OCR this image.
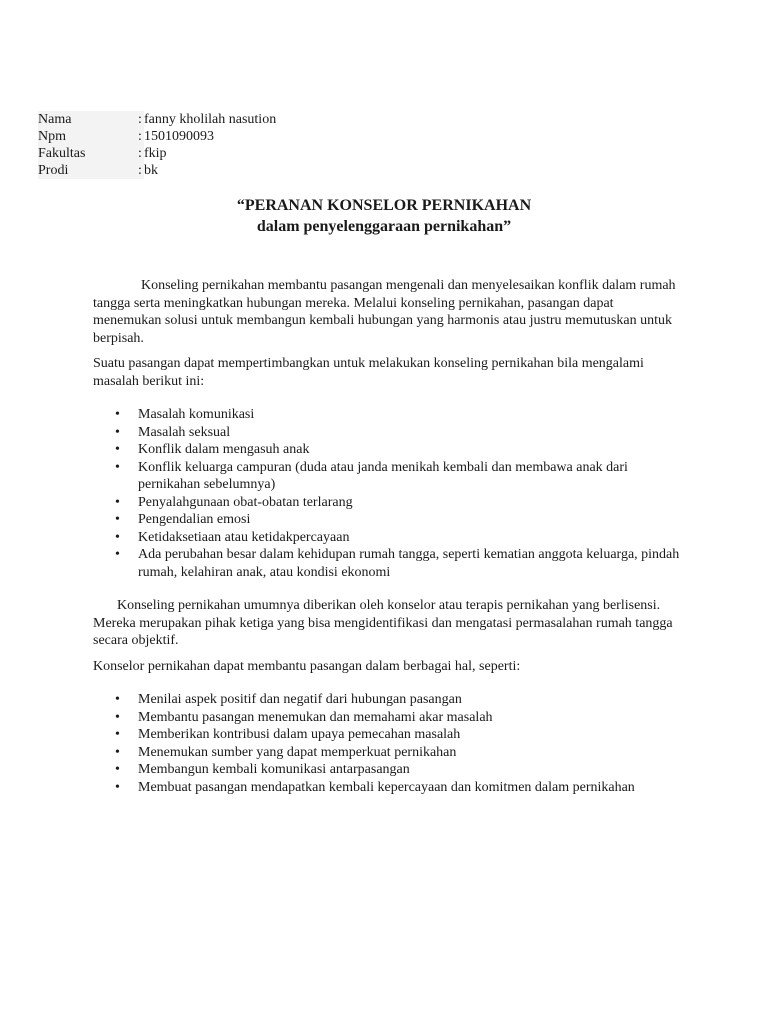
Nama	: fanny kholilah nasution
Npm	: 1501090093
Fakultas	: fkip
Prodi	: bk
“PERANAN KONSELOR PERNIKAHAN
dalam penyelenggaraan pernikahan”

Konseling pernikahan membantu pasangan mengenali dan menyelesaikan konflik dalam rumah tangga serta meningkatkan hubungan mereka. Melalui konseling pernikahan, pasangan dapat menemukan solusi untuk membangun kembali hubungan yang harmonis atau justru memutuskan untuk berpisah.

Suatu pasangan dapat mempertimbangkan untuk melakukan konseling pernikahan bila mengalami masalah berikut ini:

• Masalah komunikasi
• Masalah seksual
• Konflik dalam mengasuh anak
• Konflik keluarga campuran (duda atau janda menikah kembali dan membawa anak dari pernikahan sebelumnya)
• Penyalahgunaan obat-obatan terlarang
• Pengendalian emosi
• Ketidaksetiaan atau ketidakpercayaan
• Ada perubahan besar dalam kehidupan rumah tangga, seperti kematian anggota keluarga, pindah rumah, kelahiran anak, atau kondisi ekonomi

Konseling pernikahan umumnya diberikan oleh konselor atau terapis pernikahan yang berlisensi. Mereka merupakan pihak ketiga yang bisa mengidentifikasi dan mengatasi permasalahan rumah tangga secara objektif.

Konselor pernikahan dapat membantu pasangan dalam berbagai hal, seperti:

• Menilai aspek positif dan negatif dari hubungan pasangan
• Membantu pasangan menemukan dan memahami akar masalah
• Memberikan kontribusi dalam upaya pemecahan masalah
• Menemukan sumber yang dapat memperkuat pernikahan
• Membangun kembali komunikasi antarpasangan
• Membuat pasangan mendapatkan kembali kepercayaan dan komitmen dalam pernikahan
